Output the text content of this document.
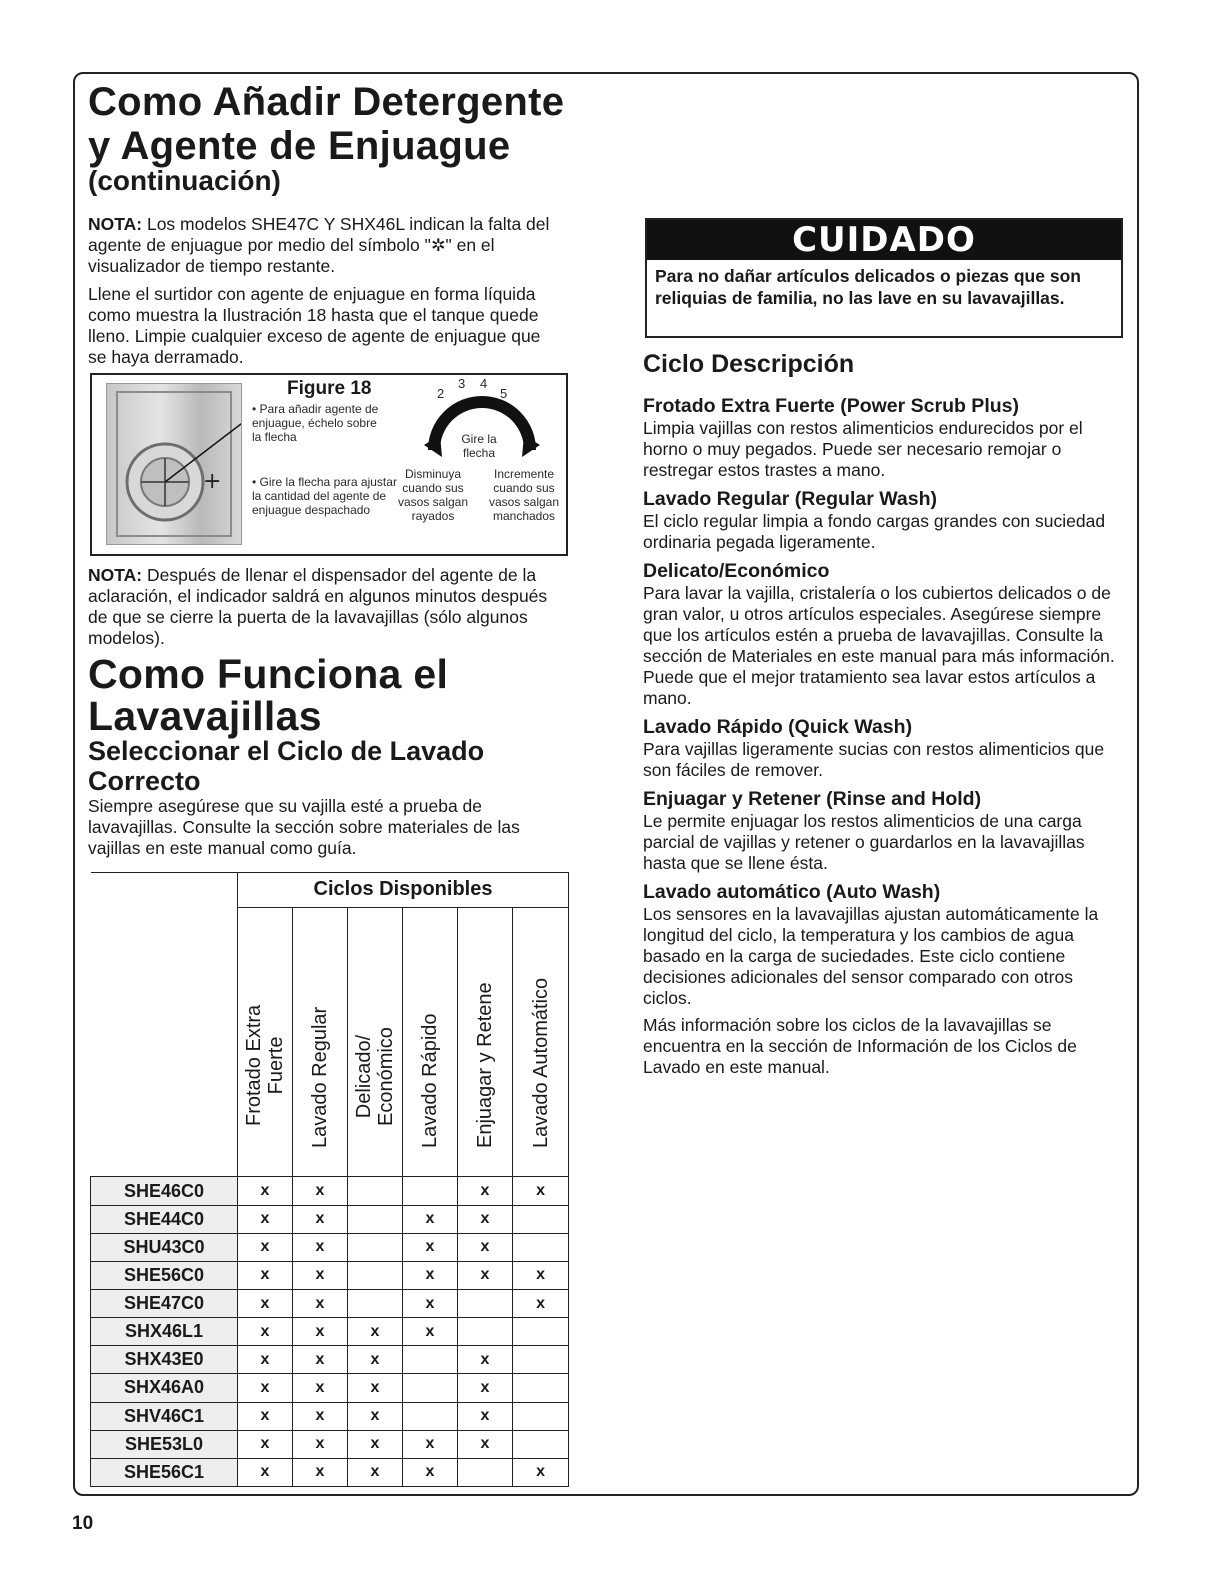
Como Añadir Detergente
y Agente de Enjuague
(continuación)

NOTA: Los modelos SHE47C Y SHX46L indican la falta del agente de enjuague por medio del símbolo "✲" en el visualizador de tiempo restante.

Llene el surtidor con agente de enjuague en forma líquida como muestra la Ilustración 18 hasta que el tanque quede lleno. Limpie cualquier exceso de agente de enjuague que se haya derramado.

+
Figure 18
• Para añadir agente de enjuague, échelo sobre la flecha
• Gire la flecha para ajustar la cantidad del agente de enjuague despachado
2
3 4
5
Gire la flecha
Disminuya cuando sus vasos salgan rayados
Incremente cuando sus vasos salgan manchados

NOTA: Después de llenar el dispensador del agente de la aclaración, el indicador saldrá en algunos minutos después de que se cierre la puerta de la lavavajillas (sólo algunos modelos).

Como Funciona el
Lavavajillas
Seleccionar el Ciclo de Lavado Correcto
Siempre asegúrese que su vajilla esté a prueba de lavavajillas. Consulte la sección sobre materiales de las vajillas en este manual como guía.
	Ciclos Disponibles					

	Frotado Extra Fuerte	Lavado Regular	Delicado/ Económico	Lavado Rápido	Enjuagar y Retene	Lavado Automático

SHE46C0	x	x			x	x
SHE44C0	x	x		x	x	
SHU43C0	x	x		x	x	
SHE56C0	x	x		x	x	x
SHE47C0	x	x		x		x
SHX46L1	x	x	x	x		
SHX43E0	x	x	x		x	
SHX46A0	x	x	x		x	
SHV46C1	x	x	x		x	
SHE53L0	x	x	x	x	x	
SHE56C1	x	x	x	x		x
CUIDADO
Para no dañar artículos delicados o piezas que son reliquias de familia, no las lave en su lavavajillas.
Ciclo Descripción
Frotado Extra Fuerte (Power Scrub Plus)
Limpia vajillas con restos alimenticios endurecidos por el horno o muy pegados. Puede ser necesario remojar o restregar estos trastes a mano.
Lavado Regular (Regular Wash)
El ciclo regular limpia a fondo cargas grandes con suciedad ordinaria pegada ligeramente.
Delicato/Económico
Para lavar la vajilla, cristalería o los cubiertos delicados o de gran valor, u otros artículos especiales. Asegúrese siempre que los artículos estén a prueba de lavavajillas. Consulte la sección de Materiales en este manual para más información. Puede que el mejor tratamiento sea lavar estos artículos a mano.
Lavado Rápido (Quick Wash)
Para vajillas ligeramente sucias con restos alimenticios que son fáciles de remover.
Enjuagar y Retener (Rinse and Hold)
Le permite enjuagar los restos alimenticios de una carga parcial de vajillas y retener o guardarlos en la lavavajillas hasta que se llene ésta.
Lavado automático (Auto Wash)
Los sensores en la lavavajillas ajustan automáticamente la longitud del ciclo, la temperatura y los cambios de agua basado en la carga de suciedades. Este ciclo contiene decisiones adicionales del sensor comparado con otros ciclos.
Más información sobre los ciclos de la lavavajillas se encuentra en la sección de Información de los Ciclos de Lavado en este manual.
10
